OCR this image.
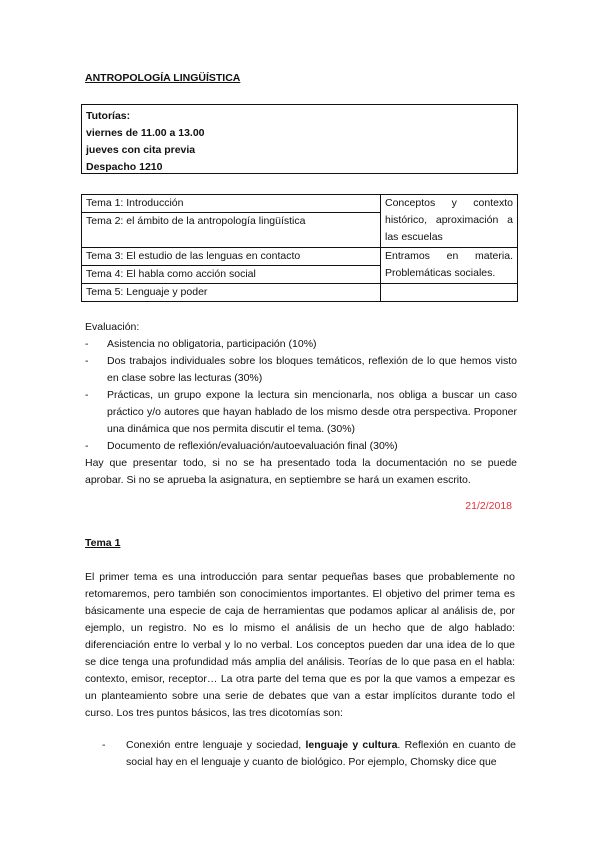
ANTROPOLOGÍA LINGÜÍSTICA
Tutorías:
viernes de 11.00 a 13.00
jueves con cita previa
Despacho 1210
Tema 1: Introducción	Conceptos y contexto histórico, aproximación a las escuelas
Tema 2: el ámbito de la antropología lingüística	
Tema 3: El estudio de las lenguas en contacto	Entramos en materia. Problemáticas sociales.
Tema 4: El habla como acción social	
Tema 5: Lenguaje y poder	
Evaluación:
-	Asistencia no obligatoria, participación (10%)
-	Dos trabajos individuales sobre los bloques temáticos, reflexión de lo que hemos visto en clase sobre las lecturas (30%)
-	Prácticas, un grupo expone la lectura sin mencionarla, nos obliga a buscar un caso práctico y/o autores que hayan hablado de los mismo desde otra perspectiva. Proponer una dinámica que nos permita discutir el tema. (30%)
-	Documento de reflexión/evaluación/autoevaluación final (30%)
Hay que presentar todo, si no se ha presentado toda la documentación no se puede aprobar. Si no se aprueba la asignatura, en septiembre se hará un examen escrito.
21/2/2018
Tema 1
El primer tema es una introducción para sentar pequeñas bases que probablemente no retomaremos, pero también son conocimientos importantes. El objetivo del primer tema es básicamente una especie de caja de herramientas que podamos aplicar al análisis de, por ejemplo, un registro. No es lo mismo el análisis de un hecho que de algo hablado: diferenciación entre lo verbal y lo no verbal. Los conceptos pueden dar una idea de lo que se dice tenga una profundidad más amplia del análisis. Teorías de lo que pasa en el habla: contexto, emisor, receptor… La otra parte del tema que es por la que vamos a empezar es un planteamiento sobre una serie de debates que van a estar implícitos durante todo el curso. Los tres puntos básicos, las tres dicotomías son:
-	Conexión entre lenguaje y sociedad, lenguaje y cultura. Reflexión en cuanto de social hay en el lenguaje y cuanto de biológico. Por ejemplo, Chomsky dice que
